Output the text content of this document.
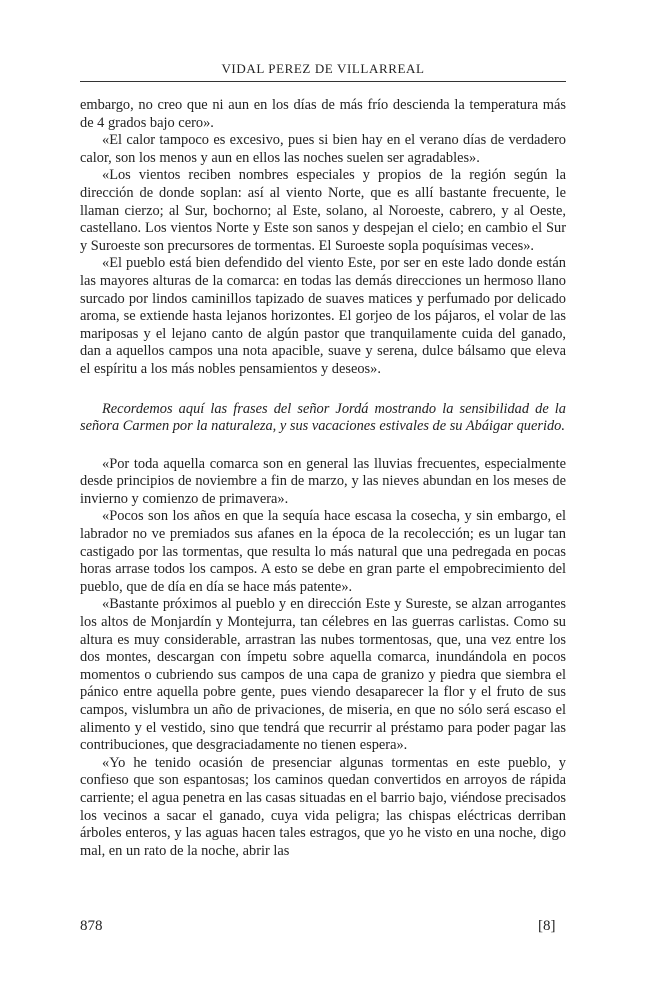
VIDAL PEREZ DE VILLARREAL

embargo, no creo que ni aun en los días de más frío descienda la temperatura más de 4 grados bajo cero».

«El calor tampoco es excesivo, pues si bien hay en el verano días de verdadero calor, son los menos y aun en ellos las noches suelen ser agradables».

«Los vientos reciben nombres especiales y propios de la región según la dirección de donde soplan: así al viento Norte, que es allí bastante frecuente, le llaman cierzo; al Sur, bochorno; al Este, solano, al Noroeste, cabrero, y al Oeste, castellano. Los vientos Norte y Este son sanos y despejan el cielo; en cambio el Sur y Suroeste son precursores de tormentas. El Suroeste sopla poquísimas veces».

«El pueblo está bien defendido del viento Este, por ser en este lado donde están las mayores alturas de la comarca: en todas las demás direcciones un hermoso llano surcado por lindos caminillos tapizado de suaves matices y perfumado por delicado aroma, se extiende hasta lejanos horizontes. El gorjeo de los pájaros, el volar de las mariposas y el lejano canto de algún pastor que tranquilamente cuida del ganado, dan a aquellos campos una nota apacible, suave y serena, dulce bálsamo que eleva el espíritu a los más nobles pensamientos y deseos».

Recordemos aquí las frases del señor Jordá mostrando la sensibilidad de la señora Carmen por la naturaleza, y sus vacaciones estivales de su Abáigar querido.

«Por toda aquella comarca son en general las lluvias frecuentes, especialmente desde principios de noviembre a fin de marzo, y las nieves abundan en los meses de invierno y comienzo de primavera».

«Pocos son los años en que la sequía hace escasa la cosecha, y sin embargo, el labrador no ve premiados sus afanes en la época de la recolección; es un lugar tan castigado por las tormentas, que resulta lo más natural que una pedregada en pocas horas arrase todos los campos. A esto se debe en gran parte el empobrecimiento del pueblo, que de día en día se hace más patente».

«Bastante próximos al pueblo y en dirección Este y Sureste, se alzan arrogantes los altos de Monjardín y Montejurra, tan célebres en las guerras carlistas. Como su altura es muy considerable, arrastran las nubes tormentosas, que, una vez entre los dos montes, descargan con ímpetu sobre aquella comarca, inundándola en pocos momentos o cubriendo sus campos de una capa de granizo y piedra que siembra el pánico entre aquella pobre gente, pues viendo desaparecer la flor y el fruto de sus campos, vislumbra un año de privaciones, de miseria, en que no sólo será escaso el alimento y el vestido, sino que tendrá que recurrir al préstamo para poder pagar las contribuciones, que desgraciadamente no tienen espera».

«Yo he tenido ocasión de presenciar algunas tormentas en este pueblo, y confieso que son espantosas; los caminos quedan convertidos en arroyos de rápida carriente; el agua penetra en las casas situadas en el barrio bajo, viéndose precisados los vecinos a sacar el ganado, cuya vida peligra; las chispas eléctricas derriban árboles enteros, y las aguas hacen tales estragos, que yo he visto en una noche, digo mal, en un rato de la noche, abrir las

878	[8]
